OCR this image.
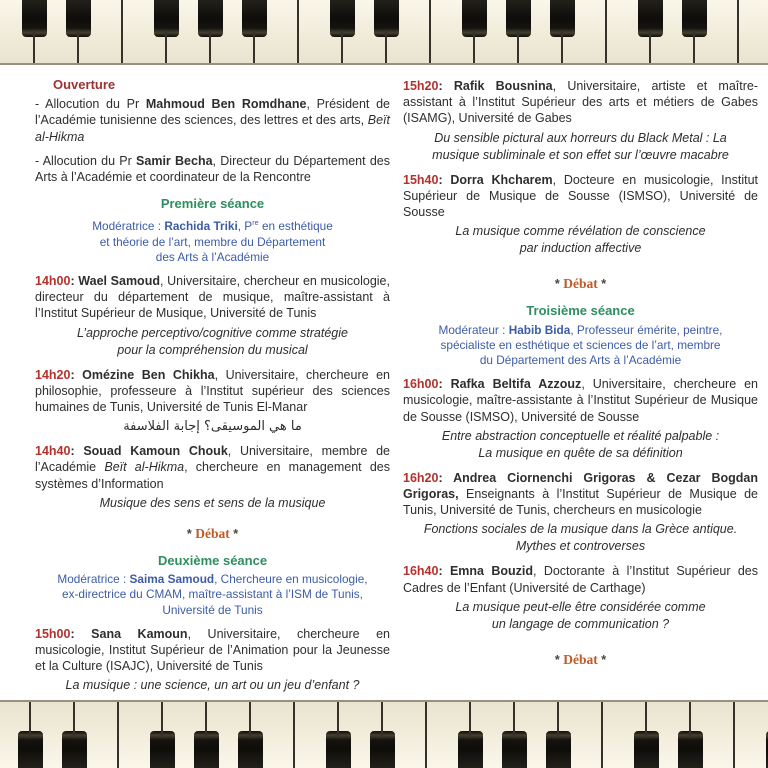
Ouverture

- Allocution du Pr Mahmoud Ben Romdhane, Président de l’Académie tunisienne des sciences, des lettres et des arts, Beït al-Hikma

- Allocution du Pr Samir Becha, Directeur du Département des Arts à l’Académie et coordinateur de la Rencontre

Première séance

Modératrice : Rachida Triki, $P^{re}$ en esthétique
et théorie de l’art, membre du Département
des Arts à l’Académie

14h00: Wael Samoud, Universitaire, chercheur en musicologie, directeur du département de musique, maître-assistant à l’Institut Supérieur de Musique, Université de Tunis

L’approche perceptivo/cognitive comme stratégie
pour la compréhension du musical

14h20: Omézine Ben Chikha, Universitaire, chercheure en philosophie, professeure à l’Institut supérieur des sciences humaines de Tunis, Université de Tunis El-Manar

ما هي الموسيقى؟ إجابة الفلاسفة

14h40: Souad Kamoun Chouk, Universitaire, membre de l’Académie Beït al-Hikma, chercheure en management des systèmes d’Information

Musique des sens et sens de la musique

* Débat *

Deuxième séance

Modératrice : Saima Samoud, Chercheure en musicologie,
ex-directrice du CMAM, maître-assistant à l’ISM de Tunis,
Université de Tunis

15h00: Sana Kamoun, Universitaire, chercheure en musicologie, Institut Supérieur de l’Animation pour la Jeunesse et la Culture (ISAJC), Université de Tunis

La musique : une science, un art ou un jeu d’enfant ?

15h20: Rafik Bousnina, Universitaire, artiste et maître-assistant à l’Institut Supérieur des arts et métiers de Gabes (ISAMG), Université de Gabes

Du sensible pictural aux horreurs du Black Metal : La
musique subliminale et son effet sur l’œuvre macabre

15h40: Dorra Khcharem, Docteure en musicologie, Institut Supérieur de Musique de Sousse (ISMSO), Université de Sousse

La musique comme révélation de conscience
par induction affective

* Débat *

Troisième séance

Modérateur : Habib Bida, Professeur émérite, peintre,
spécialiste en esthétique et sciences de l’art, membre
du Département des Arts à l’Académie

16h00: Rafka Beltifa Azzouz, Universitaire, chercheure en musicologie, maître-assistante à l’Institut Supérieur de Musique de Sousse (ISMSO), Université de Sousse

Entre abstraction conceptuelle et réalité palpable :
La musique en quête de sa définition

16h20: Andrea Ciornenchi Grigoras & Cezar Bogdan Grigoras, Enseignants à l’Institut Supérieur de Musique de Tunis, Université de Tunis, chercheurs en musicologie

Fonctions sociales de la musique dans la Grèce antique.
Mythes et controverses

16h40: Emna Bouzid, Doctorante à l’Institut Supérieur des Cadres de l’Enfant (Université de Carthage)

La musique peut-elle être considérée comme
un langage de communication ?

* Débat *
